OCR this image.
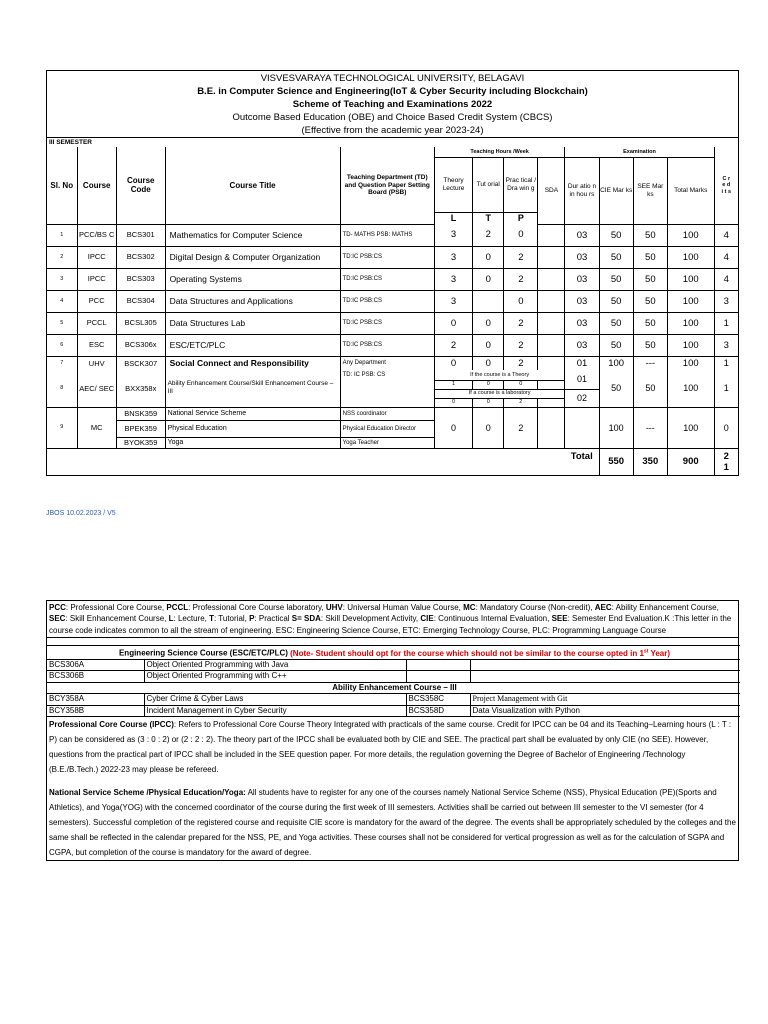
VISVESVARAYA TECHNOLOGICAL UNIVERSITY, BELAGAVI
B.E. in Computer Science and Engineering(IoT & Cyber Security including Blockchain)
Scheme of Teaching and Examinations 2022
Outcome Based Education (OBE) and Choice Based Credit System (CBCS)
(Effective from the academic year 2023-24)
III SEMESTER
Sl. No	Course	Course Code	Course Title	Teaching Department (TD) and Question Paper Setting Board (PSB)	Teaching Hours /Week				Examination				C r e d i t s
					Theory Lecture	Tut orial	Prac tical / Dra win g	SDA	Dur atio n in hou rs	CIE Mar ks	SEE Mar ks	Total Marks	
					L	T	P						
1	PCC/BS C	BCS301	Mathematics for Computer Science	TD- MATHS PSB: MATHS	3	2	0		03	50	50	100	4
2	IPCC	BCS302	Digital Design & Computer Organization	TD:IC PSB:CS	3	0	2		03	50	50	100	4
3	IPCC	BCS303	Operating Systems	TD:IC PSB:CS	3	0	2		03	50	50	100	4
4	PCC	BCS304	Data Structures and Applications	TD:IC PSB:CS	3		0		03	50	50	100	3
5	PCCL	BCSL305	Data Structures Lab	TD:IC PSB:CS	0	0	2		03	50	50	100	1
6	ESC	BCS306x	ESC/ETC/PLC	TD:IC PSB:CS	2	0	2		03	50	50	100	3
7	UHV	BSCK307	Social Connect and Responsibility	Any Department	0	0	2		01	100	---	100	1
8	AEC/ SEC	BXX358x	Ability Enhancement Course/Skill Enhancement Course – III	TD: IC PSB: CS	If the course is a Theory				01	50	50	100	1
					1	0	0						
					If a course is a laboratory				02				
					0	0	2						
9	MC	BNSK359	National Service Scheme	NSS coordinator	0	0	2			100	---	100	0
		BPEK359	Physical Education	Physical Education Director									
		BYOK359	Yoga	Yoga Teacher									
									Total	550	350	900	2 1
JBOS 10.02.2023 / V5
PCC: Professional Core Course, PCCL: Professional Core Course laboratory, UHV: Universal Human Value Course, MC: Mandatory Course (Non-credit), AEC: Ability Enhancement Course, SEC: Skill Enhancement Course, L: Lecture, T: Tutorial, P: Practical S= SDA: Skill Development Activity, CIE: Continuous Internal Evaluation, SEE: Semester End Evaluation.K :This letter in the course code indicates common to all the stream of engineering. ESC: Engineering Science Course, ETC: Emerging Technology Course, PLC: Programming Language Course
Engineering Science Course (ESC/ETC/PLC) (Note- Student should opt for the course which should not be similar to the course opted in 1st Year)			
BCS306A	Object Oriented Programming with Java		
BCS306B	Object Oriented Programming with C++		
Ability Enhancement Course – III			
BCY358A	Cyber Crime & Cyber Laws	BCS358C	Project Management with Git
BCY358B	Incident Management in Cyber Security	BCS358D	Data Visualization with Python
Professional Core Course (IPCC): Refers to Professional Core Course Theory Integrated with practicals of the same course. Credit for IPCC can be 04 and its Teaching–Learning hours (L : T : P) can be considered as (3 : 0 : 2) or (2 : 2 : 2). The theory part of the IPCC shall be evaluated both by CIE and SEE. The practical part shall be evaluated by only CIE (no SEE). However, questions from the practical part of IPCC shall be included in the SEE question paper. For more details, the regulation governing the Degree of Bachelor of Engineering /Technology (B.E./B.Tech.) 2022-23 may please be refereed.
National Service Scheme /Physical Education/Yoga: All students have to register for any one of the courses namely National Service Scheme (NSS), Physical Education (PE)(Sports and Athletics), and Yoga(YOG) with the concerned coordinator of the course during the first week of III semesters. Activities shall be carried out between III semester to the VI semester (for 4 semesters). Successful completion of the registered course and requisite CIE score is mandatory for the award of the degree. The events shall be appropriately scheduled by the colleges and the same shall be reflected in the calendar prepared for the NSS, PE, and Yoga activities. These courses shall not be considered for vertical progression as well as for the calculation of SGPA and CGPA, but completion of the course is mandatory for the award of degree.
